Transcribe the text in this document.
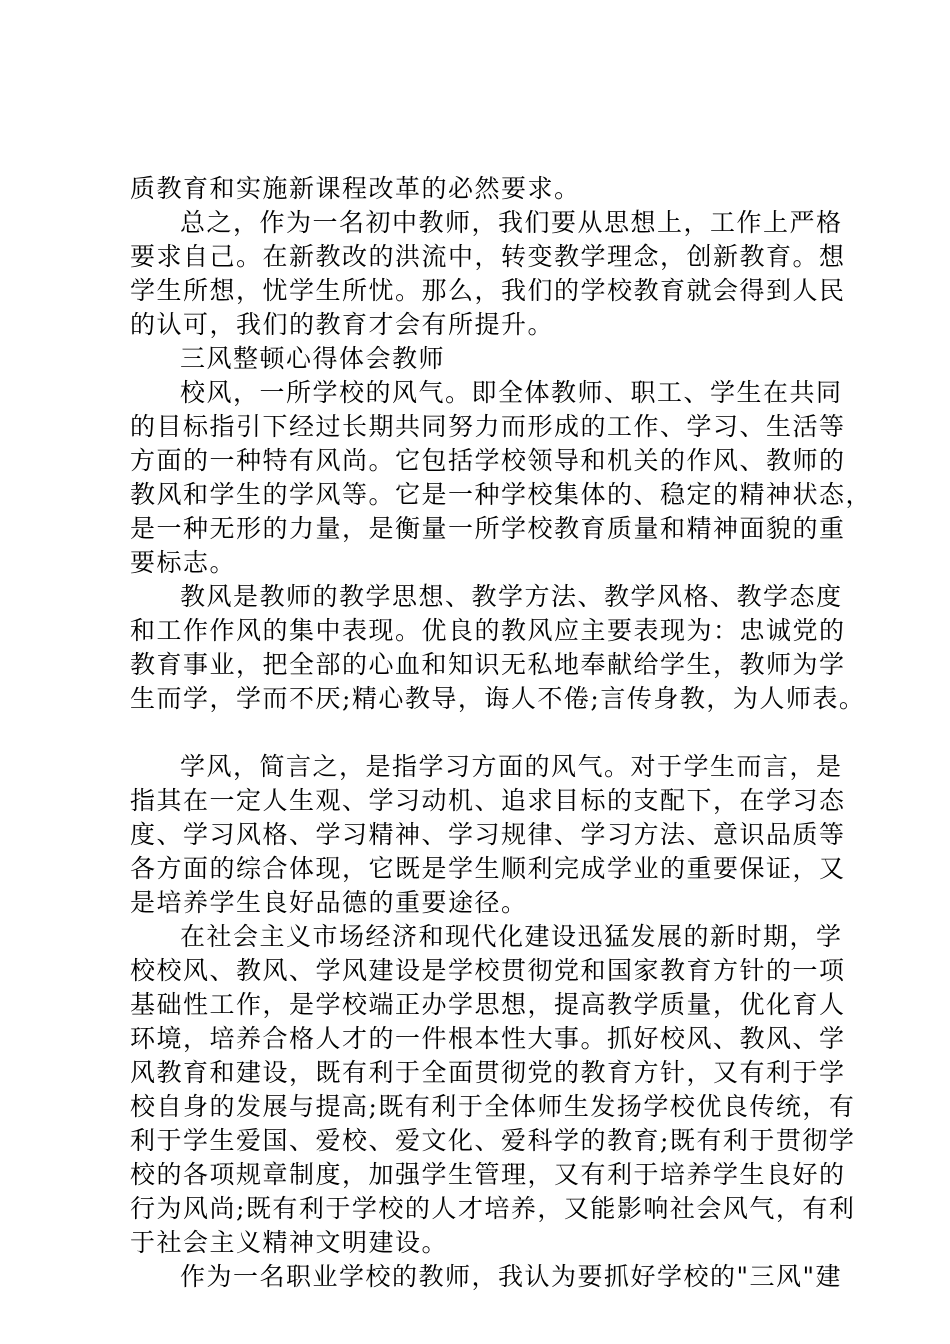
质教育和实施新课程改革的必然要求。
总之，作为一名初中教师，我们要从思想上，工作上严格
要求自己。在新教改的洪流中，转变教学理念，创新教育。想
学生所想，忧学生所忧。那么，我们的学校教育就会得到人民
的认可，我们的教育才会有所提升。
三风整顿心得体会教师
校风，一所学校的风气。即全体教师、职工、学生在共同
的目标指引下经过长期共同努力而形成的工作、学习、生活等
方面的一种特有风尚。它包括学校领导和机关的作风、教师的
教风和学生的学风等。它是一种学校集体的、稳定的精神状态，
是一种无形的力量，是衡量一所学校教育质量和精神面貌的重
要标志。
教风是教师的教学思想、教学方法、教学风格、教学态度
和工作作风的集中表现。优良的教风应主要表现为：忠诚党的
教育事业，把全部的心血和知识无私地奉献给学生，教师为学
生而学，学而不厌;精心教导，诲人不倦;言传身教，为人师表。
学风，简言之，是指学习方面的风气。对于学生而言，是
指其在一定人生观、学习动机、追求目标的支配下，在学习态
度、学习风格、学习精神、学习规律、学习方法、意识品质等
各方面的综合体现，它既是学生顺利完成学业的重要保证，又
是培养学生良好品德的重要途径。
在社会主义市场经济和现代化建设迅猛发展的新时期，学
校校风、教风、学风建设是学校贯彻党和国家教育方针的一项
基础性工作，是学校端正办学思想，提高教学质量，优化育人
环境，培养合格人才的一件根本性大事。抓好校风、教风、学
风教育和建设，既有利于全面贯彻党的教育方针，又有利于学
校自身的发展与提高;既有利于全体师生发扬学校优良传统，有
利于学生爱国、爱校、爱文化、爱科学的教育;既有利于贯彻学
校的各项规章制度，加强学生管理，又有利于培养学生良好的
行为风尚;既有利于学校的人才培养，又能影响社会风气，有利
于社会主义精神文明建设。
作为一名职业学校的教师，我认为要抓好学校的"三风"建
